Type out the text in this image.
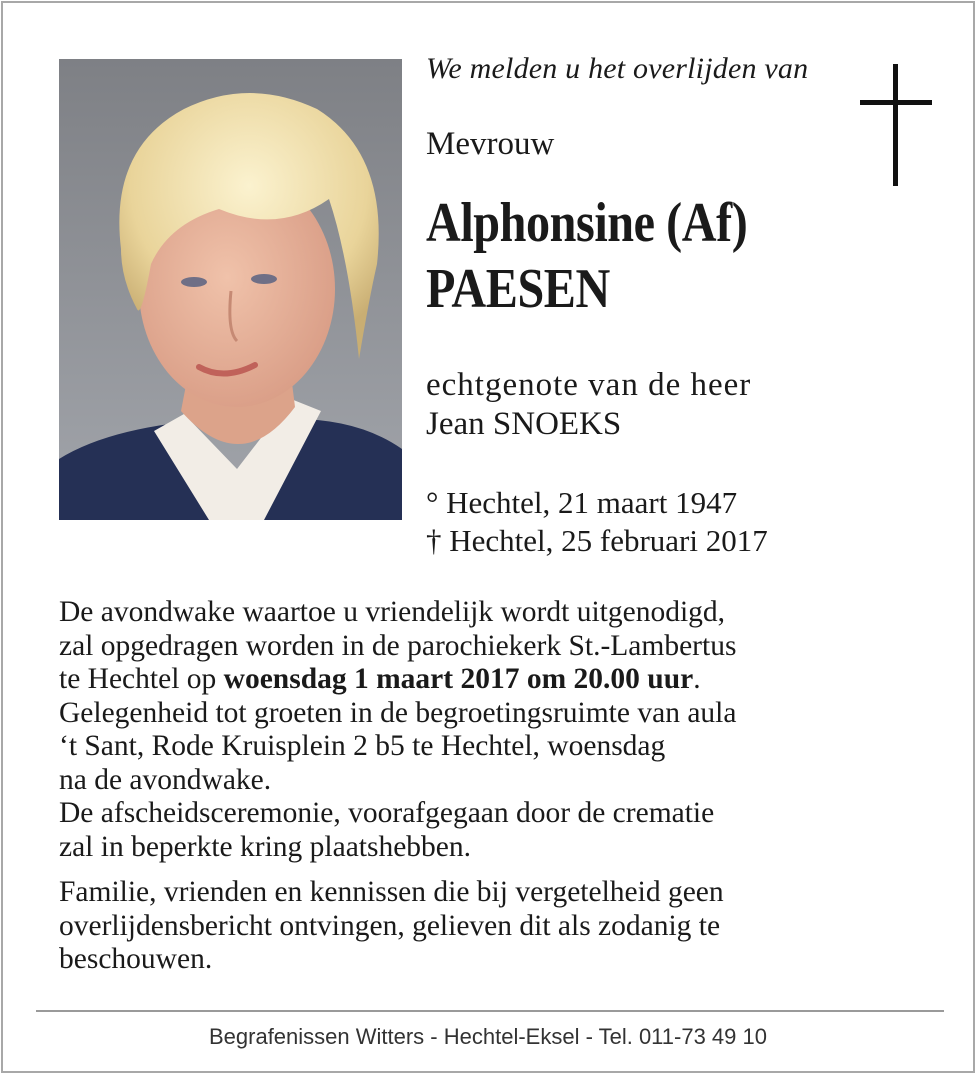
We melden u het overlijden van
Mevrouw
Alphonsine (Af)
PAESEN
echtgenote van de heer
Jean SNOEKS
° Hechtel, 21 maart 1947
† Hechtel, 25 februari 2017
De avondwake waartoe u vriendelijk wordt uitgenodigd,
zal opgedragen worden in de parochiekerk St.-Lambertus
te Hechtel op woensdag 1 maart 2017 om 20.00 uur.
Gelegenheid tot groeten in de begroetingsruimte van aula
‘t Sant, Rode Kruisplein 2 b5 te Hechtel, woensdag
na de avondwake.
De afscheidsceremonie, voorafgegaan door de crematie
zal in beperkte kring plaatshebben.
Familie, vrienden en kennissen die bij vergetelheid geen
overlijdensbericht ontvingen, gelieven dit als zodanig te
beschouwen.
Begrafenissen Witters - Hechtel-Eksel - Tel. 011-73 49 10
